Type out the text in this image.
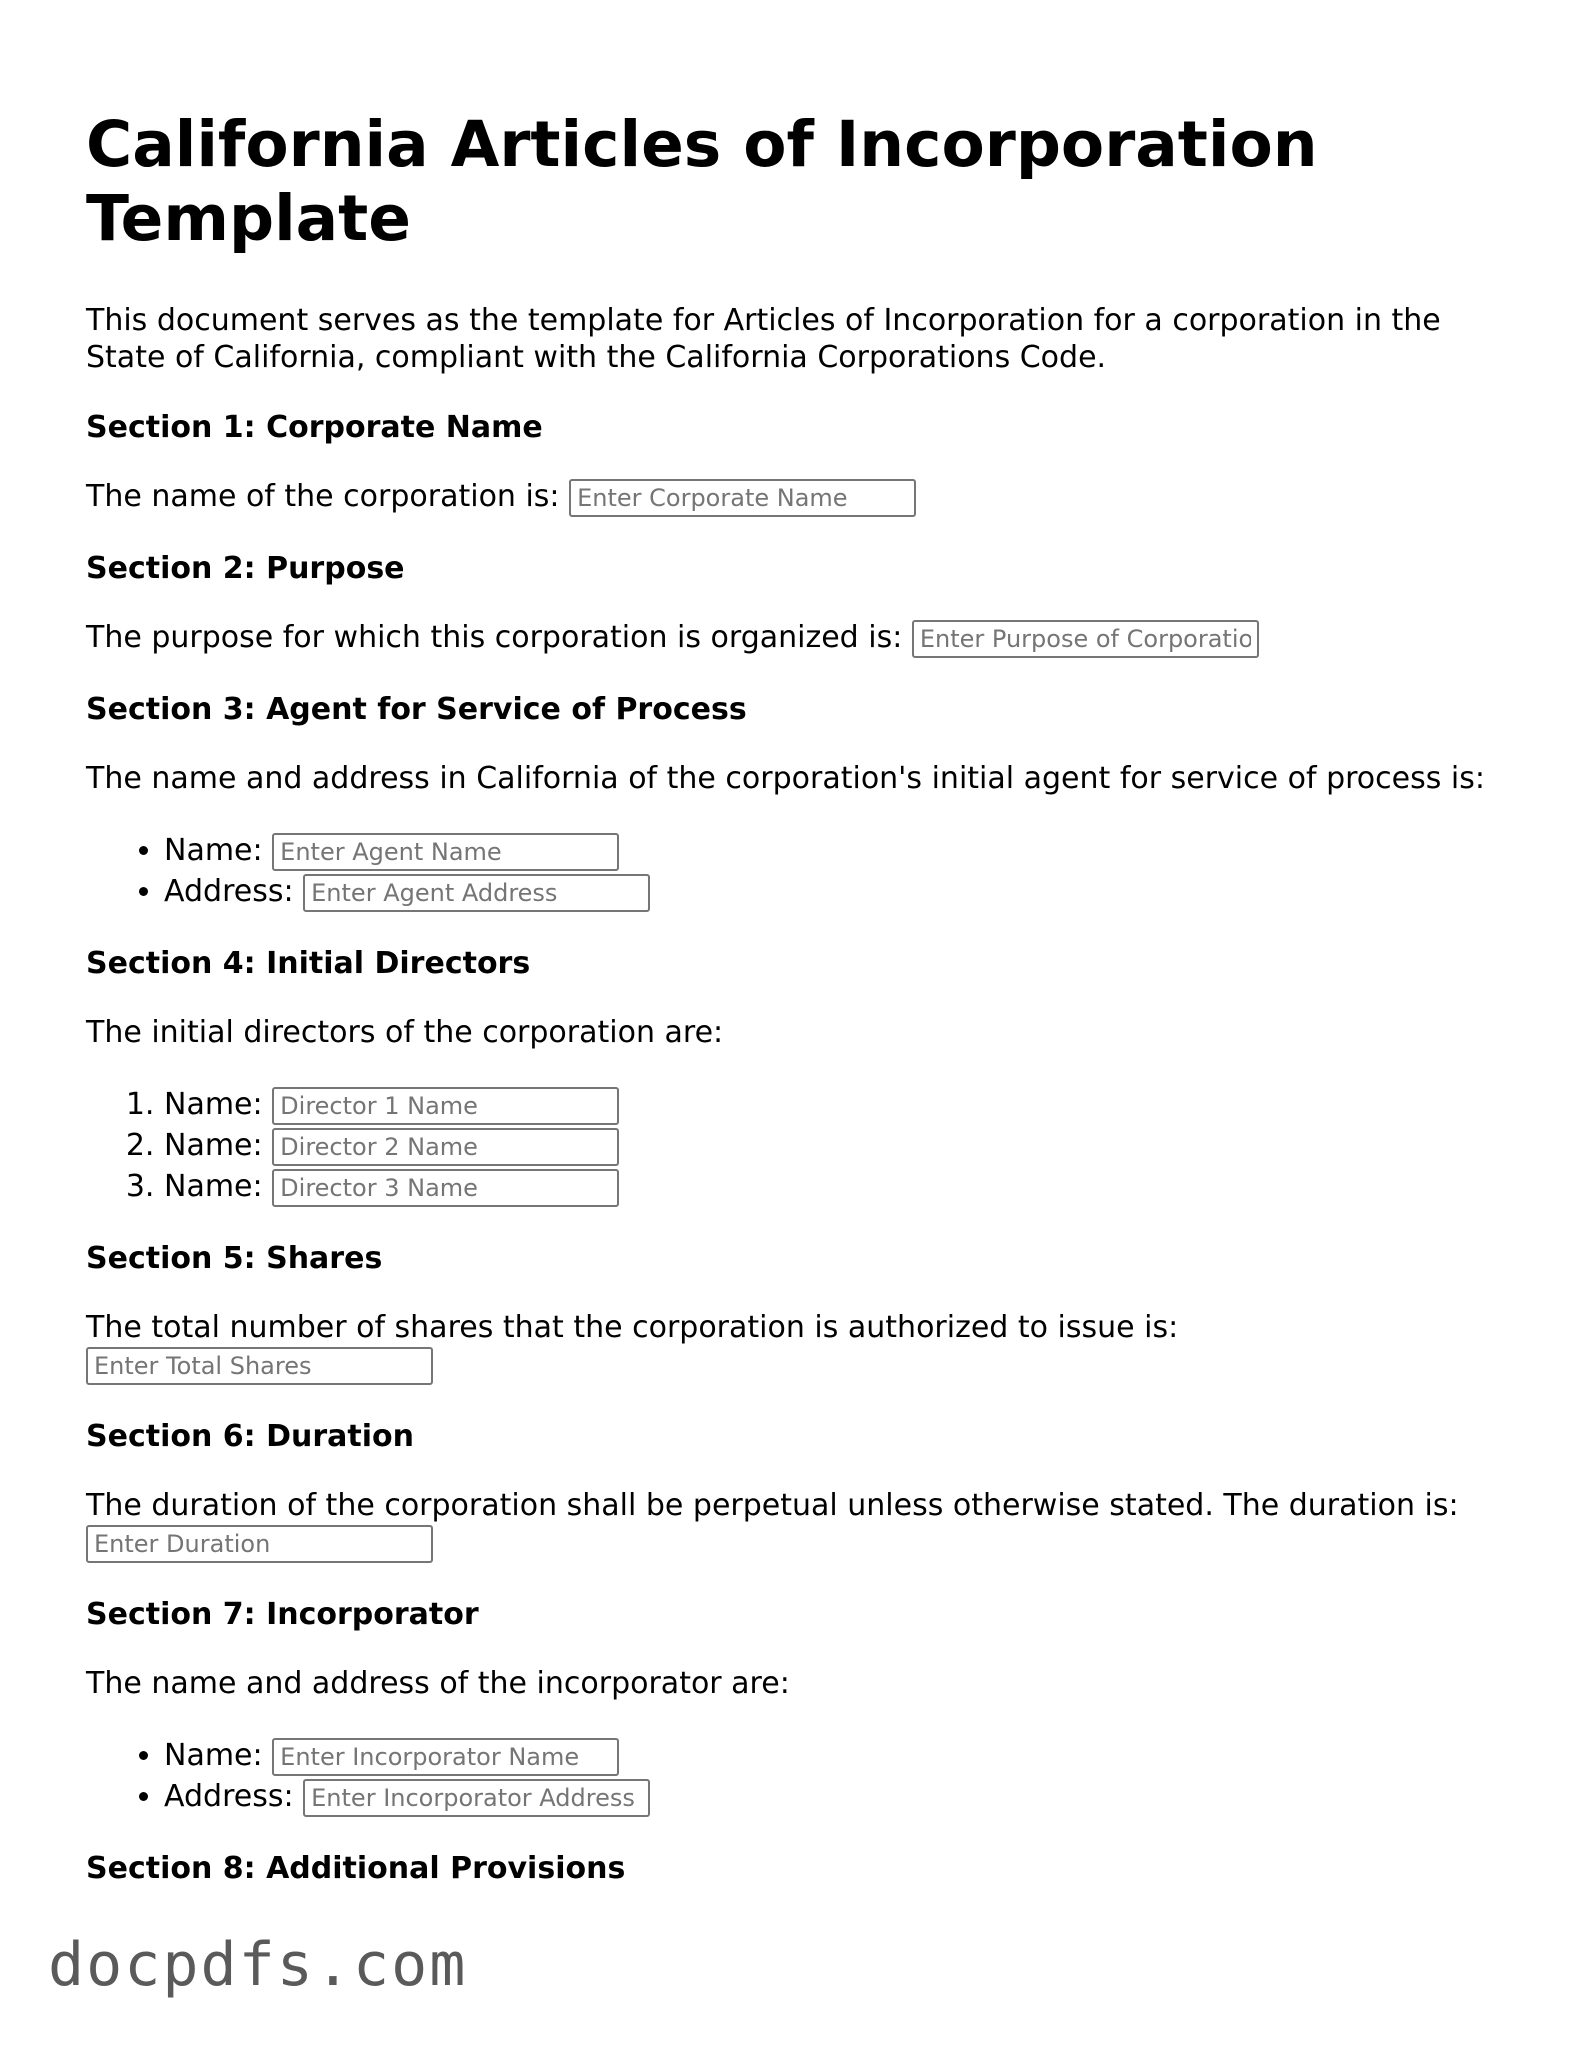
California Articles of Incorporation Template

This document serves as the template for Articles of Incorporation for a corporation in the State of California, compliant with the California Corporations Code.

Section 1: Corporate Name

The name of the corporation is: Enter Corporate Name

Section 2: Purpose

The purpose for which this corporation is organized is: Enter Purpose of Corporation

Section 3: Agent for Service of Process

The name and address in California of the corporation's initial agent for service of process is:

• Name: Enter Agent Name
• Address: Enter Agent Address
Section 4: Initial Directors

The initial directors of the corporation are:

1. Name: Director 1 Name
2. Name: Director 2 Name
3. Name: Director 3 Name
Section 5: Shares

The total number of shares that the corporation is authorized to issue is: Enter Total Shares

Section 6: Duration

The duration of the corporation shall be perpetual unless otherwise stated. The duration is: Enter Duration

Section 7: Incorporator

The name and address of the incorporator are:

• Name: Enter Incorporator Name
• Address: Enter Incorporator Address
Section 8: Additional Provisions
docpdfs.com
